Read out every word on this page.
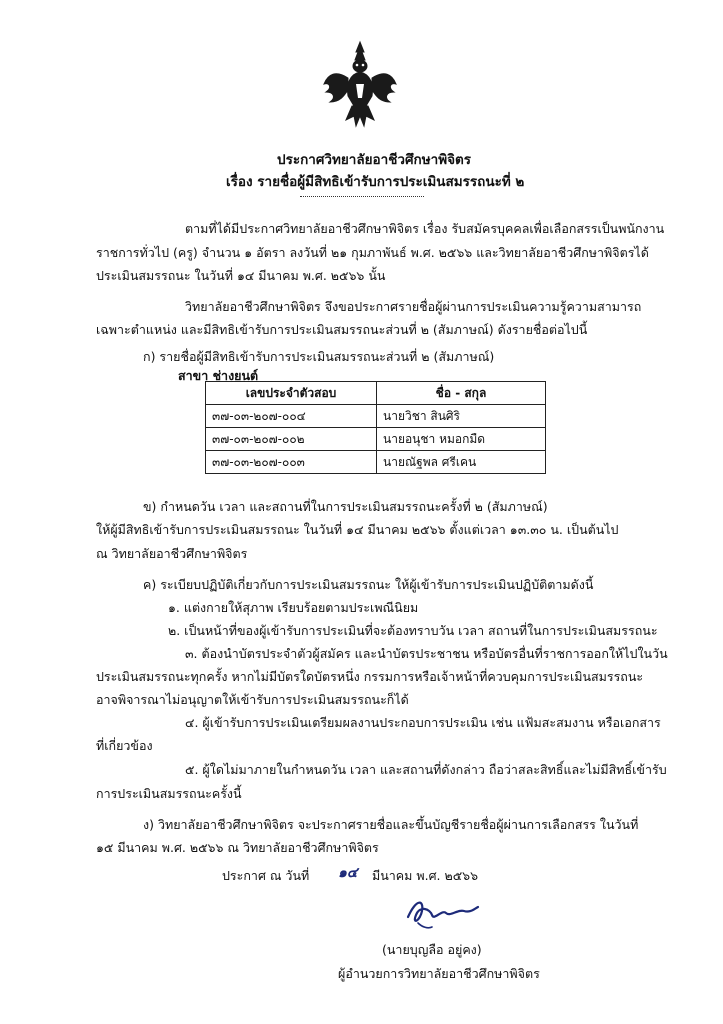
ประกาศวิทยาลัยอาชีวศึกษาพิจิตร
เรื่อง รายชื่อผู้มีสิทธิเข้ารับการประเมินสมรรถนะที่ ๒
ตามที่ได้มีประกาศวิทยาลัยอาชีวศึกษาพิจิตร เรื่อง รับสมัครบุคคลเพื่อเลือกสรรเป็นพนักงาน
ราชการทั่วไป (ครู) จำนวน ๑ อัตรา ลงวันที่ ๒๑ กุมภาพันธ์ พ.ศ. ๒๕๖๖ และวิทยาลัยอาชีวศึกษาพิจิตรได้
ประเมินสมรรถนะ ในวันที่ ๑๔ มีนาคม พ.ศ. ๒๕๖๖ นั้น
วิทยาลัยอาชีวศึกษาพิจิตร จึงขอประกาศรายชื่อผู้ผ่านการประเมินความรู้ความสามารถ
เฉพาะตำแหน่ง และมีสิทธิเข้ารับการประเมินสมรรถนะส่วนที่ ๒ (สัมภาษณ์) ดังรายชื่อต่อไปนี้
ก) รายชื่อผู้มีสิทธิเข้ารับการประเมินสมรรถนะส่วนที่ ๒ (สัมภาษณ์)
สาขา ช่างยนต์
เลขประจำตัวสอบ	ชื่อ - สกุล
๓๗-๐๓-๒๐๗-๐๐๔	นายวิชา สินศิริ
๓๗-๐๓-๒๐๗-๐๐๒	นายอนุชา หมอกมืด
๓๗-๐๓-๒๐๗-๐๐๓	นายณัฐพล ศรีเคน
ข) กำหนดวัน เวลา และสถานที่ในการประเมินสมรรถนะครั้งที่ ๒ (สัมภาษณ์)
ให้ผู้มีสิทธิเข้ารับการประเมินสมรรถนะ ในวันที่ ๑๔ มีนาคม ๒๕๖๖ ตั้งแต่เวลา ๑๓.๓๐ น. เป็นต้นไป
ณ วิทยาลัยอาชีวศึกษาพิจิตร
ค) ระเบียบปฏิบัติเกี่ยวกับการประเมินสมรรถนะ ให้ผู้เข้ารับการประเมินปฏิบัติตามดังนี้
๑. แต่งกายให้สุภาพ เรียบร้อยตามประเพณีนิยม
๒. เป็นหน้าที่ของผู้เข้ารับการประเมินที่จะต้องทราบวัน เวลา สถานที่ในการประเมินสมรรถนะ
๓. ต้องนำบัตรประจำตัวผู้สมัคร และนำบัตรประชาชน หรือบัตรอื่นที่ราชการออกให้ไปในวัน
ประเมินสมรรถนะทุกครั้ง หากไม่มีบัตรใดบัตรหนึ่ง กรรมการหรือเจ้าหน้าที่ควบคุมการประเมินสมรรถนะ
อาจพิจารณาไม่อนุญาตให้เข้ารับการประเมินสมรรถนะก็ได้
๔. ผู้เข้ารับการประเมินเตรียมผลงานประกอบการประเมิน เช่น แฟ้มสะสมงาน หรือเอกสาร
ที่เกี่ยวข้อง
๕. ผู้ใดไม่มาภายในกำหนดวัน เวลา และสถานที่ดังกล่าว ถือว่าสละสิทธิ์และไม่มีสิทธิ์เข้ารับ
การประเมินสมรรถนะครั้งนี้
ง) วิทยาลัยอาชีวศึกษาพิจิตร จะประกาศรายชื่อและขึ้นบัญชีรายชื่อผู้ผ่านการเลือกสรร ในวันที่
๑๕ มีนาคม พ.ศ. ๒๕๖๖ ณ วิทยาลัยอาชีวศึกษาพิจิตร
ประกาศ ณ วันที่ ๑๔ มีนาคม พ.ศ. ๒๕๖๖
(นายบุญลือ อยู่คง)
ผู้อำนวยการวิทยาลัยอาชีวศึกษาพิจิตร
